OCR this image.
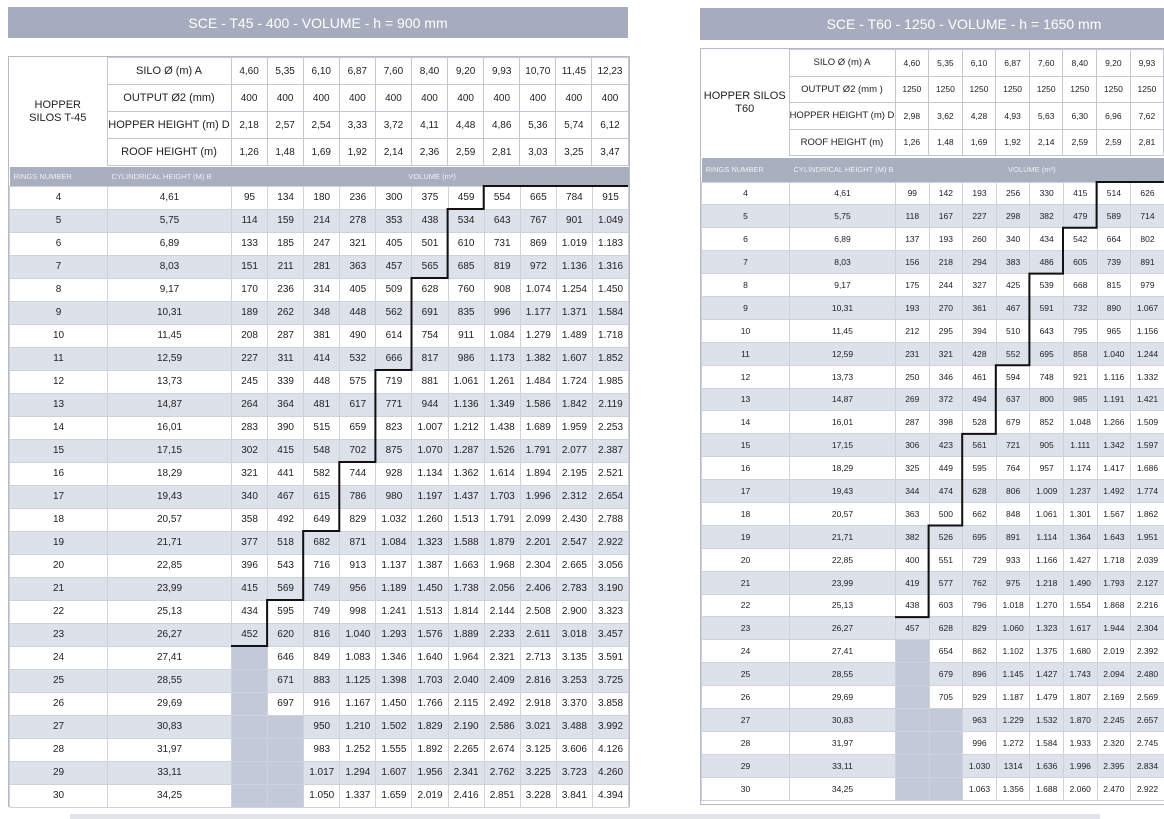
SCE - T45 - 400 - VOLUME - h = 900 mm
HOPPER
SILOS T-45	SILO Ø (m) A	4,60	5,35	6,10	6,87	7,60	8,40	9,20	9,93	10,70	11,45	12,23
	OUTPUT Ø2 (mm)	400	400	400	400	400	400	400	400	400	400	400
	HOPPER HEIGHT (m) D	2,18	2,57	2,54	3,33	3,72	4,11	4,48	4,86	5,36	5,74	6,12
	ROOF HEIGHT (m)	1,26	1,48	1,69	1,92	2,14	2,36	2,59	2,81	3,03	3,25	3,47
RINGS NUMBER	CYLINDRICAL HEIGHT (M) B	VOLUME (m³)										
4	4,61	95	134	180	236	300	375	459	554	665	784	915
5	5,75	114	159	214	278	353	438	534	643	767	901	1.049
6	6,89	133	185	247	321	405	501	610	731	869	1.019	1.183
7	8,03	151	211	281	363	457	565	685	819	972	1.136	1.316
8	9,17	170	236	314	405	509	628	760	908	1.074	1.254	1.450
9	10,31	189	262	348	448	562	691	835	996	1.177	1.371	1.584
10	11,45	208	287	381	490	614	754	911	1.084	1.279	1.489	1.718
11	12,59	227	311	414	532	666	817	986	1.173	1.382	1.607	1.852
12	13,73	245	339	448	575	719	881	1.061	1.261	1.484	1.724	1.985
13	14,87	264	364	481	617	771	944	1.136	1.349	1.586	1.842	2.119
14	16,01	283	390	515	659	823	1.007	1.212	1.438	1.689	1.959	2.253
15	17,15	302	415	548	702	875	1.070	1.287	1.526	1.791	2.077	2.387
16	18,29	321	441	582	744	928	1.134	1.362	1.614	1.894	2.195	2.521
17	19,43	340	467	615	786	980	1.197	1.437	1.703	1.996	2.312	2.654
18	20,57	358	492	649	829	1.032	1.260	1.513	1.791	2.099	2.430	2.788
19	21,71	377	518	682	871	1.084	1.323	1.588	1.879	2.201	2.547	2.922
20	22,85	396	543	716	913	1.137	1.387	1.663	1.968	2.304	2.665	3.056
21	23,99	415	569	749	956	1.189	1.450	1.738	2.056	2.406	2.783	3.190
22	25,13	434	595	749	998	1.241	1.513	1.814	2.144	2.508	2.900	3.323
23	26,27	452	620	816	1.040	1.293	1.576	1.889	2.233	2.611	3.018	3.457
24	27,41		646	849	1.083	1.346	1.640	1.964	2.321	2.713	3.135	3.591
25	28,55		671	883	1.125	1.398	1.703	2.040	2.409	2.816	3.253	3.725
26	29,69		697	916	1.167	1.450	1.766	2.115	2.492	2.918	3.370	3.858
27	30,83			950	1.210	1.502	1.829	2.190	2.586	3.021	3.488	3.992
28	31,97			983	1.252	1.555	1.892	2.265	2.674	3.125	3.606	4.126
29	33,11			1.017	1.294	1.607	1.956	2.341	2.762	3.225	3.723	4.260
30	34,25			1.050	1.337	1.659	2.019	2.416	2.851	3.228	3.841	4.394
SCE - T60 - 1250 - VOLUME - h = 1650 mm
HOPPER SILOS
T60	SILO Ø (m) A	4,60	5,35	6,10	6,87	7,60	8,40	9,20	9,93
	OUTPUT Ø2 (mm )	1250	1250	1250	1250	1250	1250	1250	1250
	HOPPER HEIGHT (m) D	2,98	3,62	4,28	4,93	5,63	6,30	6,96	7,62
	ROOF HEIGHT (m)	1,26	1,48	1,69	1,92	2,14	2,59	2,59	2,81
RINGS NUMBER	CYLINDRICAL HEIGHT (M) B	VOLUME (m³)							
4	4,61	99	142	193	256	330	415	514	626
5	5,75	118	167	227	298	382	479	589	714
6	6,89	137	193	260	340	434	542	664	802
7	8,03	156	218	294	383	486	605	739	891
8	9,17	175	244	327	425	539	668	815	979
9	10,31	193	270	361	467	591	732	890	1.067
10	11,45	212	295	394	510	643	795	965	1.156
11	12,59	231	321	428	552	695	858	1.040	1.244
12	13,73	250	346	461	594	748	921	1.116	1.332
13	14,87	269	372	494	637	800	985	1.191	1.421
14	16,01	287	398	528	679	852	1.048	1.266	1.509
15	17,15	306	423	561	721	905	1.111	1.342	1.597
16	18,29	325	449	595	764	957	1.174	1.417	1.686
17	19,43	344	474	628	806	1.009	1.237	1.492	1.774
18	20,57	363	500	662	848	1.061	1.301	1.567	1.862
19	21,71	382	526	695	891	1.114	1.364	1.643	1.951
20	22,85	400	551	729	933	1.166	1.427	1.718	2.039
21	23,99	419	577	762	975	1.218	1.490	1.793	2.127
22	25,13	438	603	796	1.018	1.270	1.554	1.868	2.216
23	26,27	457	628	829	1.060	1.323	1.617	1.944	2.304
24	27,41		654	862	1.102	1.375	1.680	2.019	2.392
25	28,55		679	896	1.145	1.427	1.743	2.094	2.480
26	29,69		705	929	1.187	1.479	1.807	2.169	2.569
27	30,83			963	1.229	1.532	1.870	2.245	2.657
28	31,97			996	1.272	1.584	1.933	2.320	2.745
29	33,11			1.030	1314	1.636	1.996	2.395	2.834
30	34,25			1.063	1.356	1.688	2.060	2.470	2.922
